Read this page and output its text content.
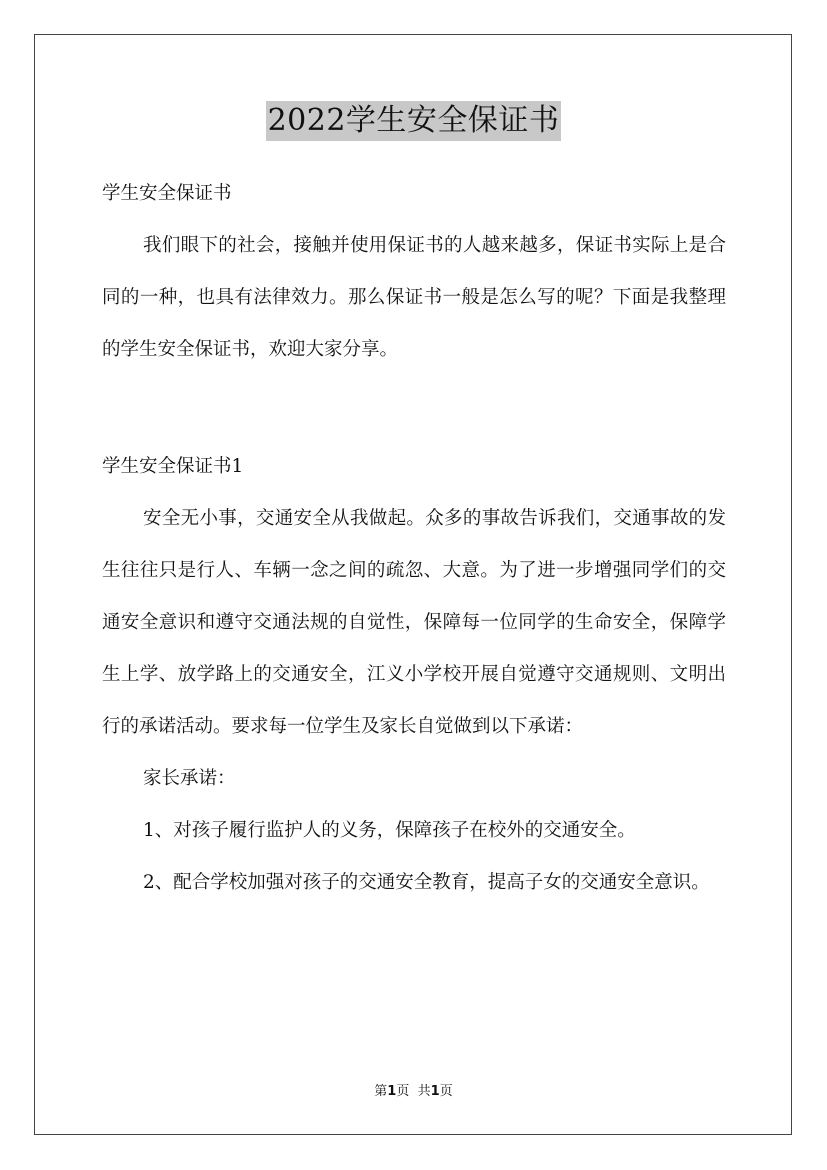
2022学生安全保证书

学生安全保证书

我们眼下的社会，接触并使用保证书的人越来越多，保证书实际上是合同的一种，也具有法律效力。那么保证书一般是怎么写的呢？下面是我整理的学生安全保证书，欢迎大家分享。

学生安全保证书1

安全无小事，交通安全从我做起。众多的事故告诉我们，交通事故的发生往往只是行人、车辆一念之间的疏忽、大意。为了进一步增强同学们的交通安全意识和遵守交通法规的自觉性，保障每一位同学的生命安全，保障学生上学、放学路上的交通安全，江义小学校开展自觉遵守交通规则、文明出行的承诺活动。要求每一位学生及家长自觉做到以下承诺：

家长承诺：

1、对孩子履行监护人的义务，保障孩子在校外的交通安全。

2、配合学校加强对孩子的交通安全教育，提高子女的交通安全意识。

第1页 共1页
